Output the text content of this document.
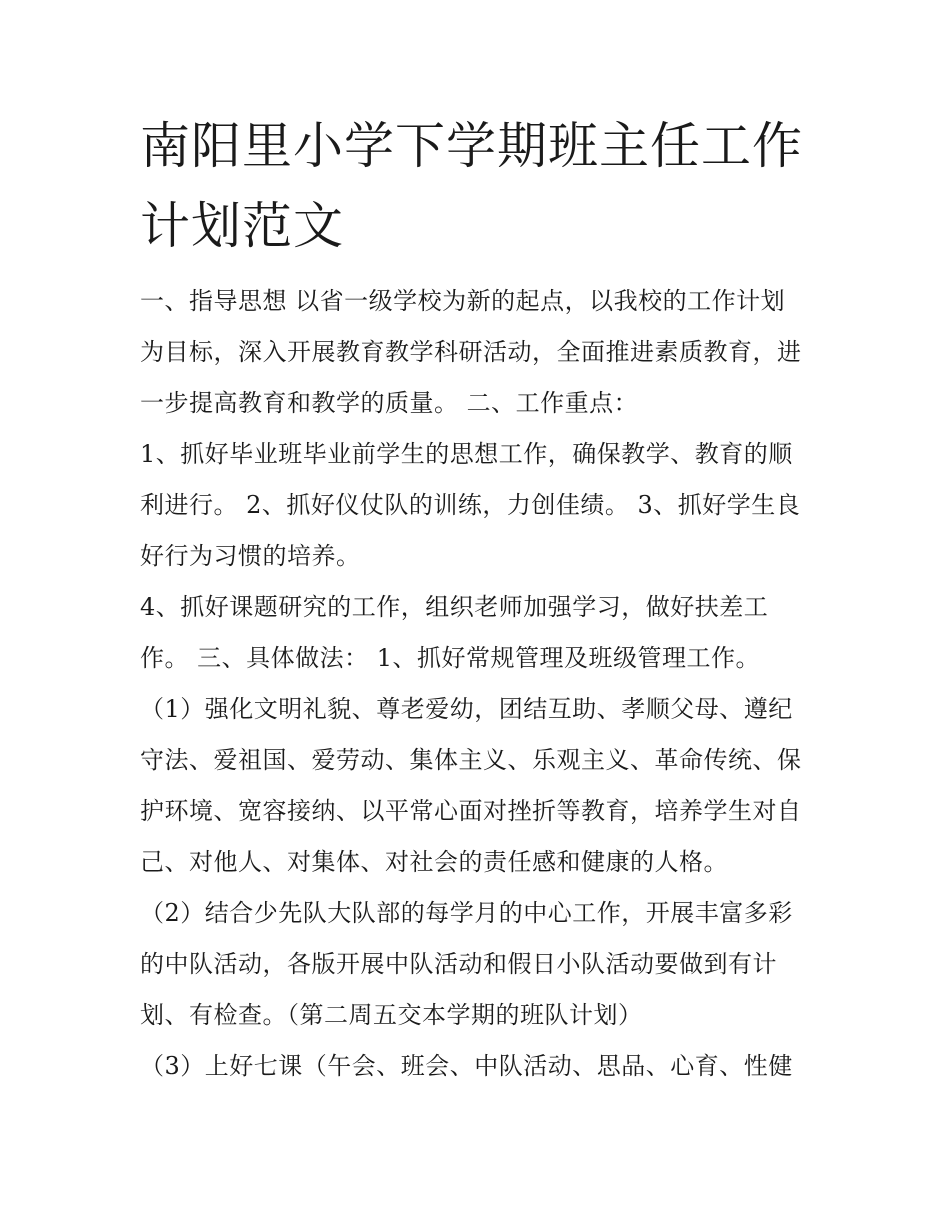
南阳里小学下学期班主任工作
计划范文
一、指导思想 以省一级学校为新的起点，以我校的工作计划
为目标，深入开展教育教学科研活动，全面推进素质教育，进
一步提高教育和教学的质量。 二、工作重点：
1、抓好毕业班毕业前学生的思想工作，确保教学、教育的顺
利进行。 2、抓好仪仗队的训练，力创佳绩。 3、抓好学生良
好行为习惯的培养。
4、抓好课题研究的工作，组织老师加强学习，做好扶差工
作。 三、具体做法： 1、抓好常规管理及班级管理工作。
（1）强化文明礼貌、尊老爱幼，团结互助、孝顺父母、遵纪
守法、爱祖国、爱劳动、集体主义、乐观主义、革命传统、保
护环境、宽容接纳、以平常心面对挫折等教育，培养学生对自
己、对他人、对集体、对社会的责任感和健康的人格。
（2）结合少先队大队部的每学月的中心工作，开展丰富多彩
的中队活动，各版开展中队活动和假日小队活动要做到有计
划、有检查。（第二周五交本学期的班队计划）
（3）上好七课（午会、班会、中队活动、思品、心育、性健
